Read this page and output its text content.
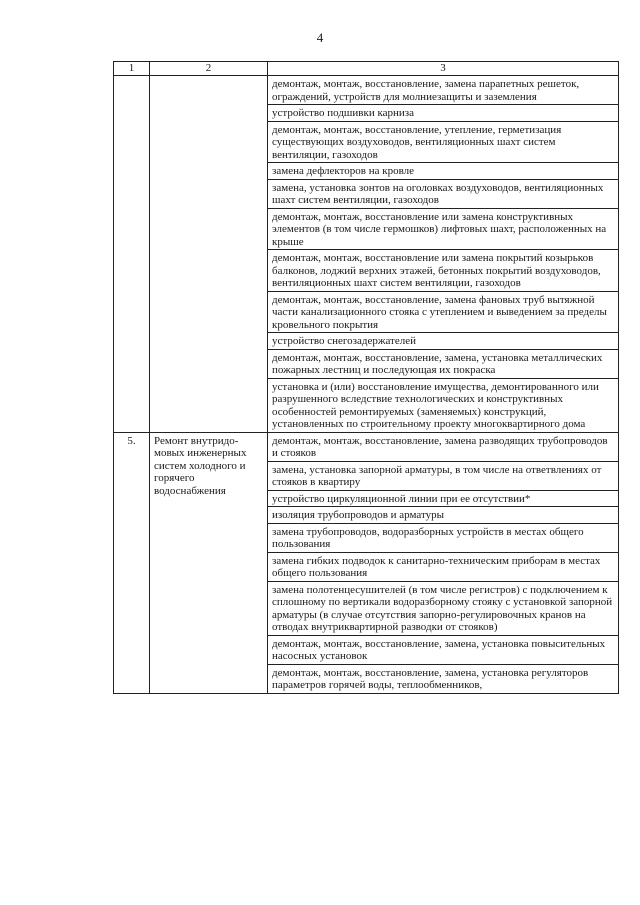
4
1	2	3
		демонтаж, монтаж, восстановление, замена парапетных решеток, ограждений, устройств для молниезащиты и заземления
		устройство подшивки карниза
		демонтаж, монтаж, восстановление, утепление, герметизация существующих воздуховодов, вентиляционных шахт систем вентиляции, газоходов
		замена дефлекторов на кровле
		замена, установка зонтов на оголовках воздуховодов, вентиляционных шахт систем вентиляции, газоходов
		демонтаж, монтаж, восстановление или замена конструктивных элементов (в том числе гермошков) лифтовых шахт, расположенных на крыше
		демонтаж, монтаж, восстановление или замена покрытий козырьков балконов, лоджий верхних этажей, бетонных покрытий воздуховодов, вентиляционных шахт систем вентиляции, газоходов
		демонтаж, монтаж, восстановление, замена фановых труб вытяжной части канализационного стояка с утеплением и выведением за пределы кровельного покрытия
		устройство снегозадержателей
		демонтаж, монтаж, восстановление, замена, установка металлических пожарных лестниц и последующая их покраска
		установка и (или) восстановление имущества, демонтированного или разрушенного вследствие технологических и конструктивных особенностей ремонтируемых (заменяемых) конструкций, установленных по строительному проекту многоквартирного дома
5.	Ремонт внутридомовых инженерных систем холодного и горячего водоснабжения	демонтаж, монтаж, восстановление, замена разводящих трубопроводов и стояков
		замена, установка запорной арматуры, в том числе на ответвлениях от стояков в квартиру
		устройство циркуляционной линии при ее отсутствии*
		изоляция трубопроводов и арматуры
		замена трубопроводов, водоразборных устройств в местах общего пользования
		замена гибких подводок к санитарно-техническим приборам в местах общего пользования
		замена полотенцесушителей (в том числе регистров) с подключением к сплошному по вертикали водоразборному стояку с установкой запорной арматуры (в случае отсутствия запорно-регулировочных кранов на отводах внутриквартирной разводки от стояков)
		демонтаж, монтаж, восстановление, замена, установка повысительных насосных установок
		демонтаж, монтаж, восстановление, замена, установка регуляторов параметров горячей воды, теплообменников,
